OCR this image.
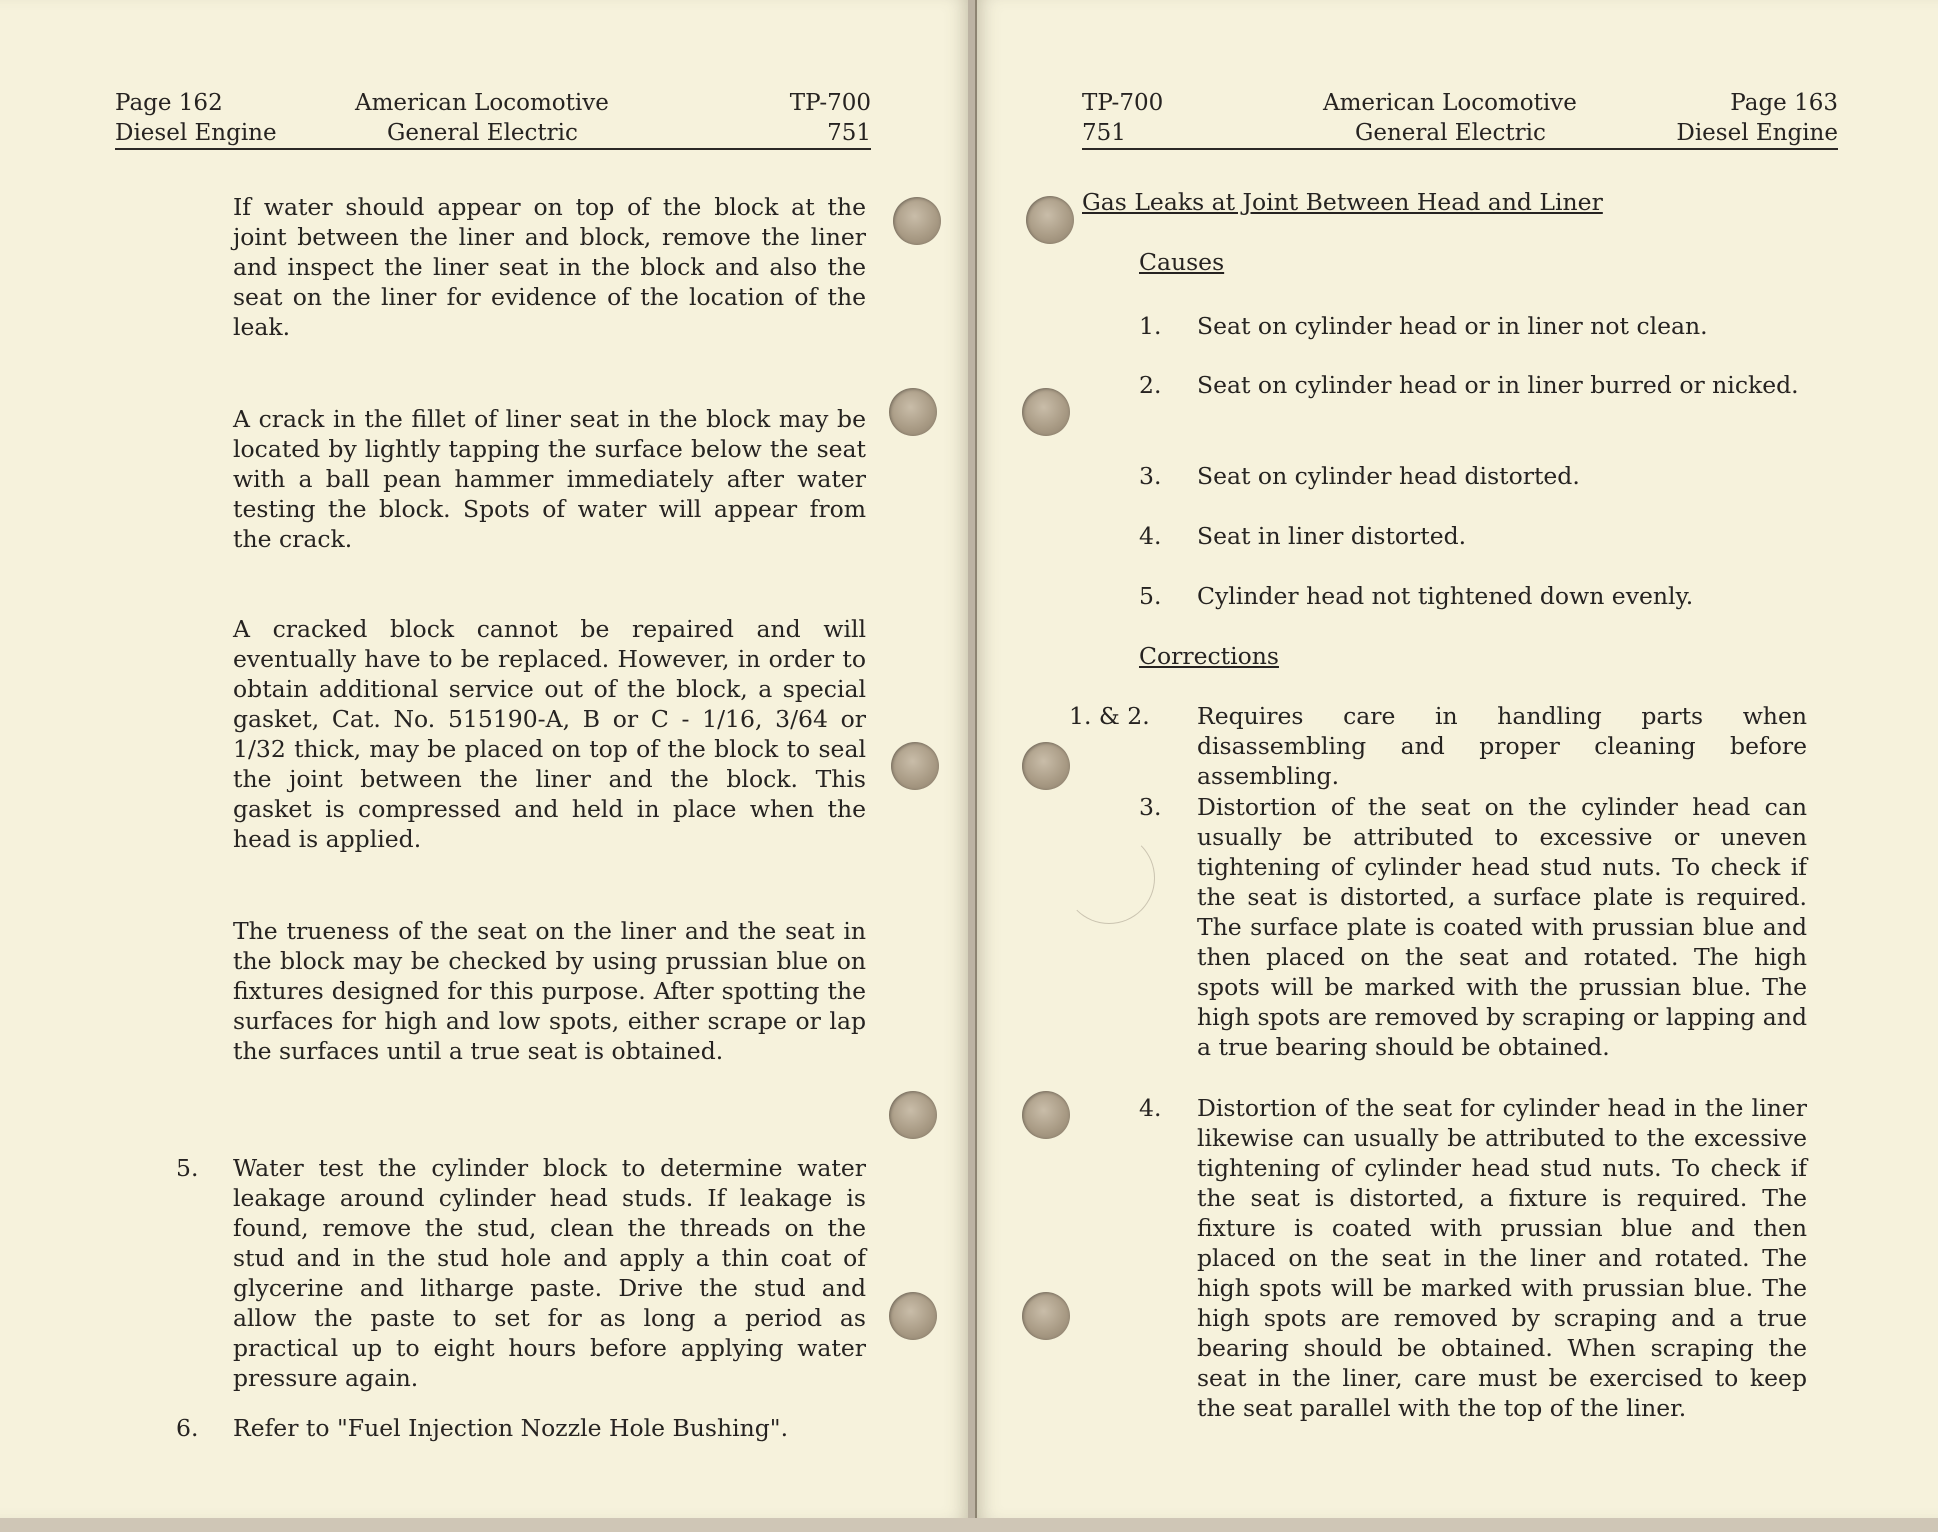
Page 162
Diesel Engine
American Locomotive
General Electric
TP-700
751

If water should appear on top of the block at the joint between the liner and block, remove the liner and inspect the liner seat in the block and also the seat on the liner for evidence of the location of the leak.

A crack in the fillet of liner seat in the block may be located by lightly tapping the surface below the seat with a ball pean hammer immediately after water testing the block. Spots of water will appear from the crack.

A cracked block cannot be repaired and will eventually have to be replaced. However, in order to obtain additional service out of the block, a special gasket, Cat. No. 515190-A, B or C - 1/16, 3/64 or 1/32 thick, may be placed on top of the block to seal the joint between the liner and the block. This gasket is compressed and held in place when the head is applied.

The trueness of the seat on the liner and the seat in the block may be checked by using prussian blue on fixtures designed for this purpose. After spotting the surfaces for high and low spots, either scrape or lap the surfaces until a true seat is obtained.

5. Water test the cylinder block to determine water leakage around cylinder head studs. If leakage is found, remove the stud, clean the threads on the stud and in the stud hole and apply a thin coat of glycerine and litharge paste. Drive the stud and allow the paste to set for as long a period as practical up to eight hours before applying water pressure again.

6. Refer to "Fuel Injection Nozzle Hole Bushing".

TP-700
751
American Locomotive
General Electric
Page 163
Diesel Engine
Gas Leaks at Joint Between Head and Liner
Causes
1. Seat on cylinder head or in liner not clean.
2. Seat on cylinder head or in liner burred or nicked.
3. Seat on cylinder head distorted.
4. Seat in liner distorted.
5. Cylinder head not tightened down evenly.
Corrections
1. & 2. Requires care in handling parts when disassembling and proper cleaning before assembling.
3. Distortion of the seat on the cylinder head can usually be attributed to excessive or uneven tightening of cylinder head stud nuts. To check if the seat is distorted, a surface plate is required. The surface plate is coated with prussian blue and then placed on the seat and rotated. The high spots will be marked with the prussian blue. The high spots are removed by scraping or lapping and a true bearing should be obtained.
4. Distortion of the seat for cylinder head in the liner likewise can usually be attributed to the excessive tightening of cylinder head stud nuts. To check if the seat is distorted, a fixture is required. The fixture is coated with prussian blue and then placed on the seat in the liner and rotated. The high spots will be marked with prussian blue. The high spots are removed by scraping and a true bearing should be obtained. When scraping the seat in the liner, care must be exercised to keep the seat parallel with the top of the liner.
